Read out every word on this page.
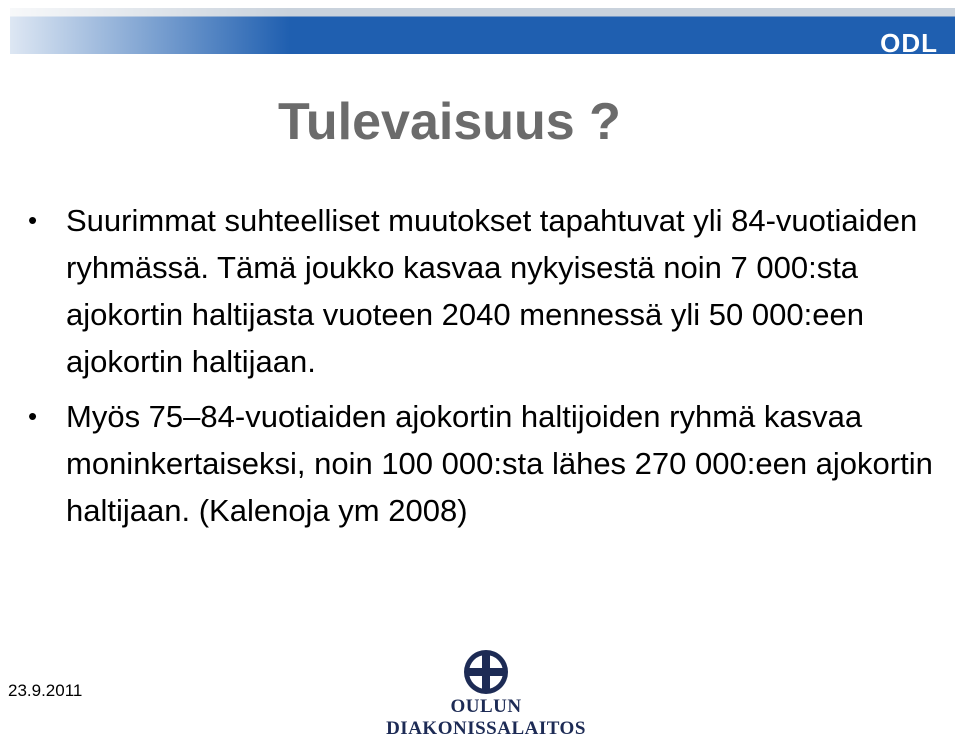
ODL
Tulevaisuus ?
• Suurimmat suhteelliset muutokset tapahtuvat yli 84-vuotiaiden ryhmässä. Tämä joukko kasvaa nykyisestä noin 7 000:sta ajokortin haltijasta vuoteen 2040 mennessä yli 50 000:een ajokortin haltijaan.
• Myös 75–84-vuotiaiden ajokortin haltijoiden ryhmä kasvaa moninkertaiseksi, noin 100 000:sta lähes 270 000:een ajokortin haltijaan. (Kalenoja ym 2008)
23.9.2011
OULUN DIAKONISSALAITOS
